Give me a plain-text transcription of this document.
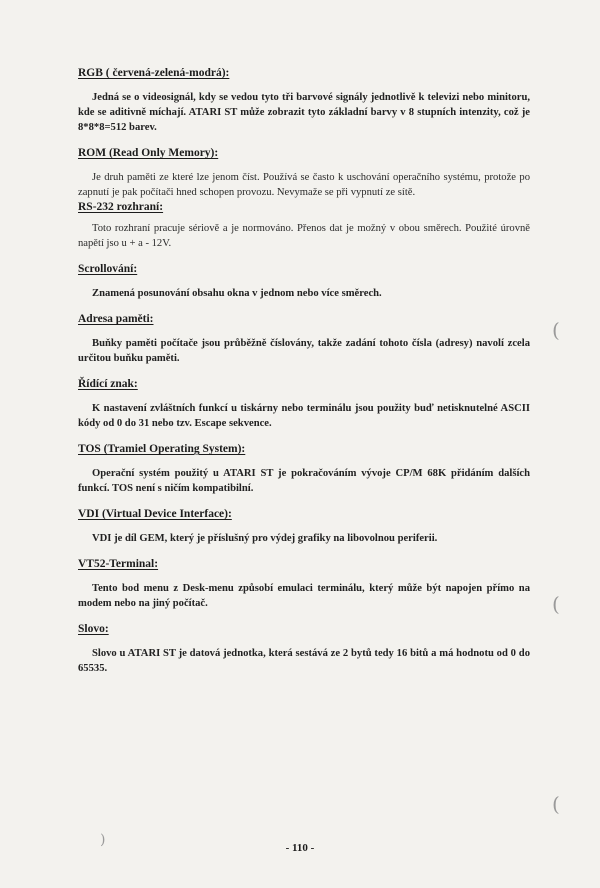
RGB ( červená-zelená-modrá):
Jedná se o videosignál, kdy se vedou tyto tři barvové signály jednotlivě k televizi nebo minitoru, kde se aditivně míchají. ATARI ST může zobrazit tyto základní barvy v 8 stupních intenzity, což je 8*8*8=512 barev.
ROM (Read Only Memory):
Je druh paměti ze které lze jenom číst. Používá se často k uschování operačního systému, protože po zapnutí je pak počítači hned schopen provozu. Nevymaže se při vypnutí ze sítě.
RS-232 rozhraní:
Toto rozhraní pracuje sériově a je normováno. Přenos dat je možný v obou směrech. Použité úrovně napětí jso u + a - 12V.
Scrollování:
Znamená posunování obsahu okna v jednom nebo více směrech.
Adresa paměti:
Buňky paměti počítače jsou průběžně číslovány, takže zadání tohoto čísla (adresy) navolí zcela určitou buňku paměti.
Řídící znak:
K nastavení zvláštních funkcí u tiskárny nebo terminálu jsou použity buď netisknutelné ASCII kódy od 0 do 31 nebo tzv. Escape sekvence.
TOS (Tramiel Operating System):
Operační systém použitý u ATARI ST je pokračováním vývoje CP/M 68K přidáním dalších funkcí. TOS není s ničím kompatibilní.
VDI (Virtual Device Interface):
VDI je díl GEM, který je příslušný pro výdej grafiky na libovolnou periferii.
VT52-Terminal:
Tento bod menu z Desk-menu způsobí emulaci terminálu, který může být napojen přímo na modem nebo na jiný počítač.
Slovo:
Slovo u ATARI ST je datová jednotka, která sestává ze 2 bytů tedy 16 bitů a má hodnotu od 0 do 65535.
- 110 -
(
(
(
)
